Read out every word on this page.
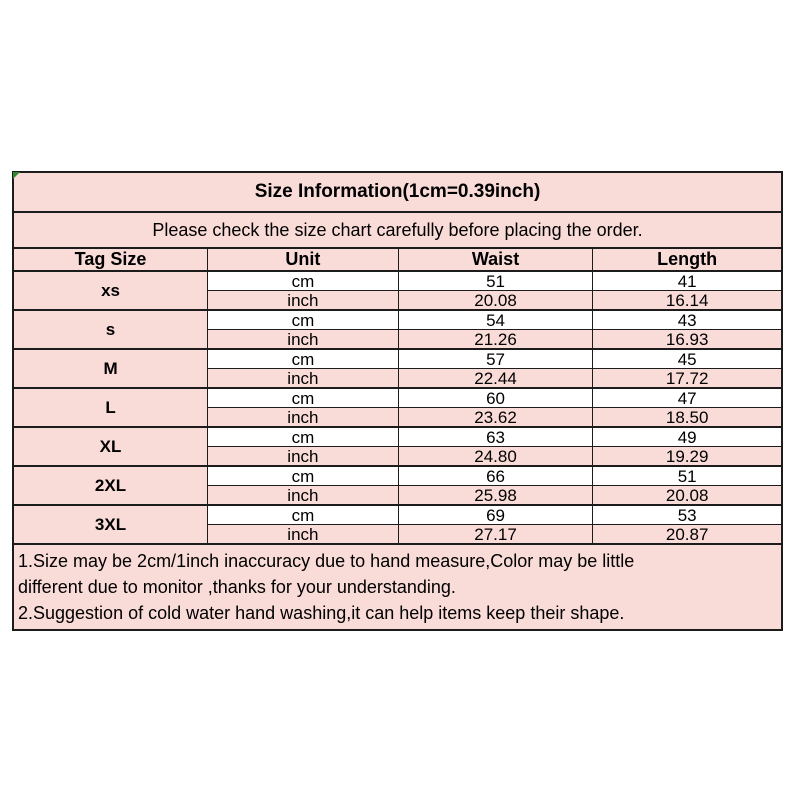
Size Information(1cm=0.39inch)			
Please check the size chart carefully before placing the order.			
Tag Size	Unit	Waist	Length
xs	cm	51	41
	inch	20.08	16.14
s	cm	54	43
	inch	21.26	16.93
M	cm	57	45
	inch	22.44	17.72
L	cm	60	47
	inch	23.62	18.50
XL	cm	63	49
	inch	24.80	19.29
2XL	cm	66	51
	inch	25.98	20.08
3XL	cm	69	53
	inch	27.17	20.87

1.Size may be 2cm/1inch inaccuracy due to hand measure,Color may be little
different due to monitor ,thanks for your understanding.
2.Suggestion of cold water hand washing,it can help items keep their shape.			
